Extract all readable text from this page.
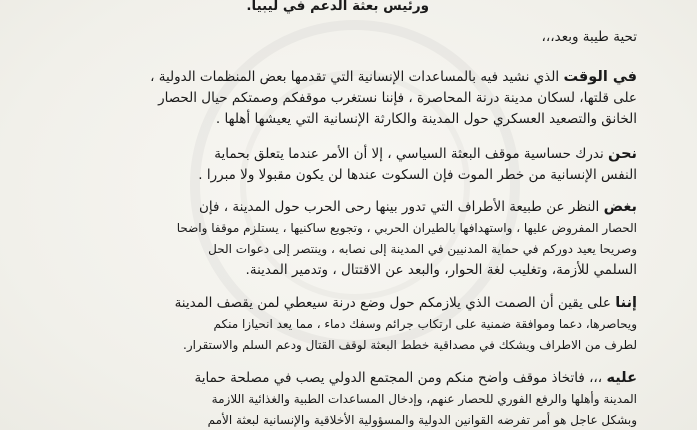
ورئيس بعثة الدعم في ليبيا.
تحية طيبة وبعد،،،
في الوقت الذي نشيد فيه بالمساعدات الإنسانية التي تقدمها بعض المنظمات الدولية ،
على قلتها، لسكان مدينة درنة المحاصرة ، فإننا نستغرب موقفكم وصمتكم حيال الحصار
الخانق والتصعيد العسكري حول المدينة والكارثة الإنسانية التي يعيشها أهلها .
نحن ندرك حساسية موقف البعثة السياسي ، إلا أن الأمر عندما يتعلق بحماية
النفس الإنسانية من خطر الموت فإن السكوت عندها لن يكون مقبولا ولا مبررا .
بغض النظر عن طبيعة الأطراف التي تدور بينها رحى الحرب حول المدينة ، فإن
الحصار المفروض عليها ، واستهدافها بالطيران الحربي ، وتجويع ساكنيها ، يستلزم موقفا واضحا
وصريحا يعيد دوركم في حماية المدنيين في المدينة إلى نصابه ، وينتصر إلى دعوات الحل
السلمي للأزمة، وتغليب لغة الحوار، والبعد عن الاقتتال ، وتدمير المدينة.
إننا على يقين أن الصمت الذي يلازمكم حول وضع درنة سيعطي لمن يقصف المدينة
ويحاصرها، دعما وموافقة ضمنية على ارتكاب جرائم وسفك دماء ، مما يعد انحيازا منكم
لطرف من الاطراف ويشكك في مصداقية خطط البعثة لوقف القتال ودعم السلم والاستقرار.
عليه ،،، فاتخاذ موقف واضح منكم ومن المجتمع الدولي يصب في مصلحة حماية
المدينة وأهلها والرفع الفوري للحصار عنهم، وإدخال المساعدات الطبية والغذائية اللازمة
وبشكل عاجل هو أمر تفرضه القوانين الدولية والمسؤولية الأخلاقية والإنسانية لبعثة الأمم
